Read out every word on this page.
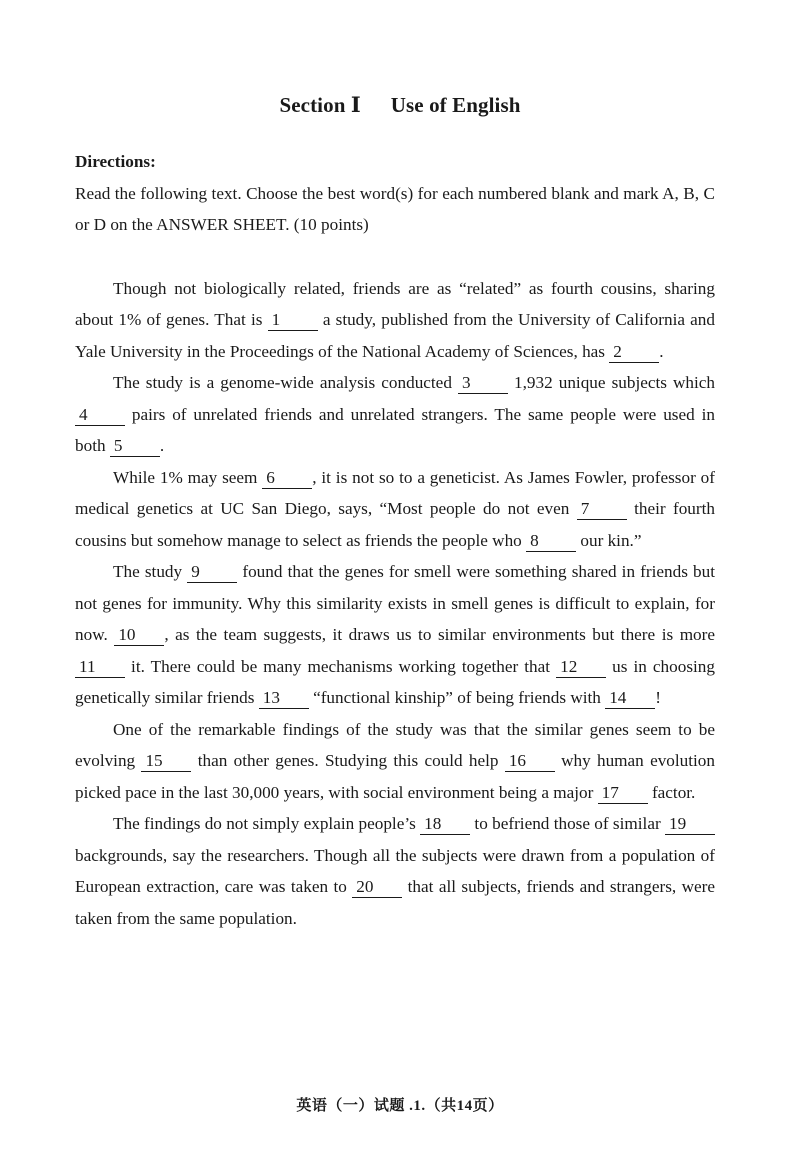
Section Ⅰ Use of English

Directions:

Read the following text. Choose the best word(s) for each numbered blank and mark A, B, C or D on the ANSWER SHEET. (10 points)

Though not biologically related, friends are as “related” as fourth cousins, sharing about 1% of genes. That is 1 a study, published from the University of California and Yale University in the Proceedings of the National Academy of Sciences, has 2 .

The study is a genome-wide analysis conducted 3 1,932 unique subjects which 4 pairs of unrelated friends and unrelated strangers. The same people were used in both 5 .

While 1% may seem 6 , it is not so to a geneticist. As James Fowler, professor of medical genetics at UC San Diego, says, “Most people do not even 7 their fourth cousins but somehow manage to select as friends the people who 8 our kin.”

The study 9 found that the genes for smell were something shared in friends but not genes for immunity. Why this similarity exists in smell genes is difficult to explain, for now. 10 , as the team suggests, it draws us to similar environments but there is more 11 it. There could be many mechanisms working together that 12 us in choosing genetically similar friends 13 “functional kinship” of being friends with 14 !

One of the remarkable findings of the study was that the similar genes seem to be evolving 15 than other genes. Studying this could help 16 why human evolution picked pace in the last 30,000 years, with social environment being a major 17 factor.

The findings do not simply explain people’s 18 to befriend those of similar 19 backgrounds, say the researchers. Though all the subjects were drawn from a population of European extraction, care was taken to 20 that all subjects, friends and strangers, were taken from the same population.

英语（一）试题 .1.（共14页）
